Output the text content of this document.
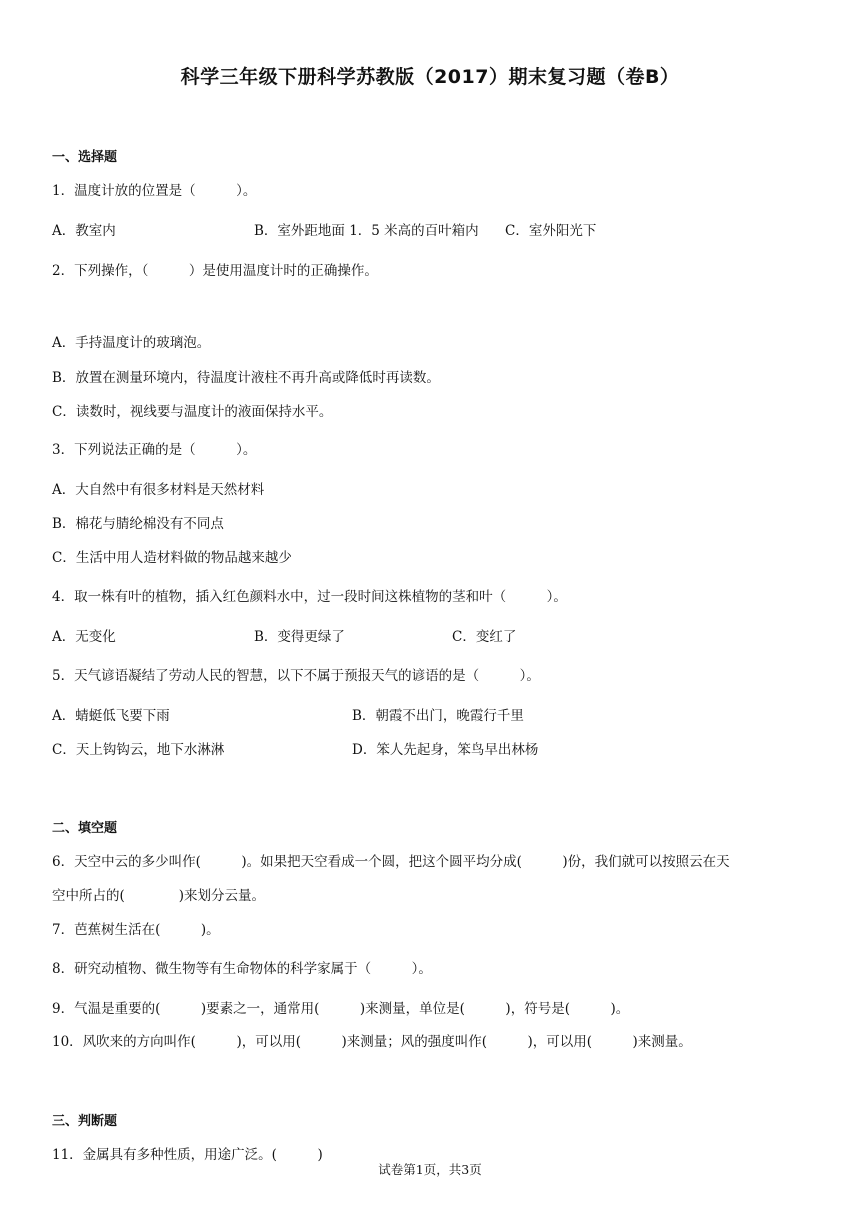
科学三年级下册科学苏教版（2017）期末复习题（卷B）
一、选择题
1．温度计放的位置是（　　　）。
A．教室内	B．室外距地面 1．5 米高的百叶箱内 C．室外阳光下
2．下列操作，（　　　）是使用温度计时的正确操作。
A．手持温度计的玻璃泡。
B．放置在测量环境内，待温度计液柱不再升高或降低时再读数。
C．读数时，视线要与温度计的液面保持水平。
3．下列说法正确的是（　　　）。
A．大自然中有很多材料是天然材料
B．棉花与腈纶棉没有不同点
C．生活中用人造材料做的物品越来越少
4．取一株有叶的植物，插入红色颜料水中，过一段时间这株植物的茎和叶（　　　）。
A．无变化	B．变得更绿了	C．变红了
5．天气谚语凝结了劳动人民的智慧，以下不属于预报天气的谚语的是（　　　）。
A．蜻蜓低飞要下雨	B．朝霞不出门，晚霞行千里
C．天上钩钩云，地下水淋淋	D．笨人先起身，笨鸟早出林杨
二、填空题
6．天空中云的多少叫作(　　　)。如果把天空看成一个圆，把这个圆平均分成(　　　)份，我们就可以按照云在天
空中所占的(　　　　)来划分云量。
7．芭蕉树生活在(　　　)。
8．研究动植物、微生物等有生命物体的科学家属于（　　　）。
9．气温是重要的(　　　)要素之一，通常用(　　　)来测量，单位是(　　　)，符号是(　　　)。
10．风吹来的方向叫作(　　　)，可以用(　　　)来测量；风的强度叫作(　　　)，可以用(　　　)来测量。
三、判断题
11．金属具有多种性质，用途广泛。(　　　)
试卷第1页，共3页
